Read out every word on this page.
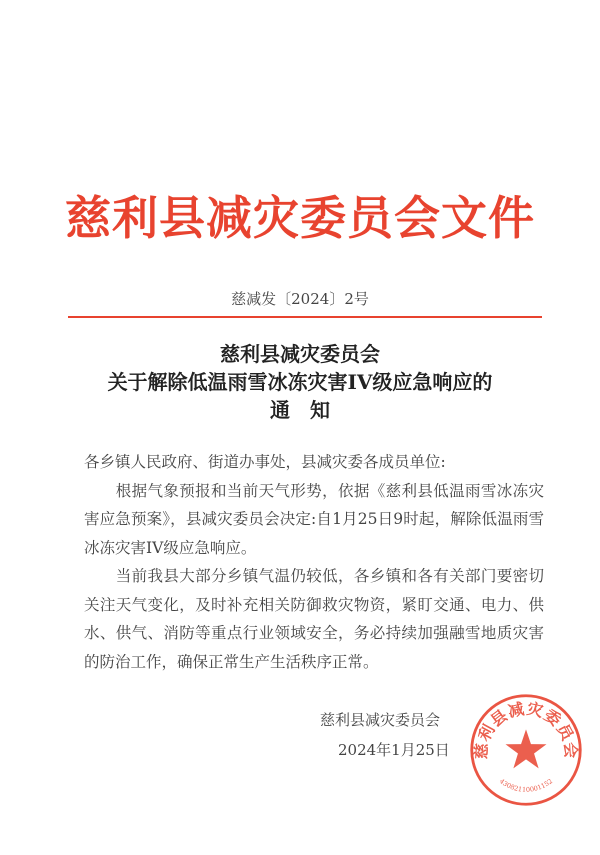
慈利县减灾委员会文件
慈减发〔2024〕2号
慈利县减灾委员会
关于解除低温雨雪冰冻灾害IV级应急响应的
通　知

各乡镇人民政府、街道办事处，县减灾委各成员单位:

　　根据气象预报和当前天气形势，依据《慈利县低温雨雪冰冻灾害应急预案》，县减灾委员会决定:自1月25日9时起，解除低温雨雪冰冻灾害IV级应急响应。

　　当前我县大部分乡镇气温仍较低，各乡镇和各有关部门要密切关注天气变化，及时补充相关防御救灾物资，紧盯交通、电力、供水、供气、消防等重点行业领域安全，务必持续加强融雪地质灾害的防治工作，确保正常生产生活秩序正常。

慈利县减灾委员会
2024年1月25日 慈利县减灾委员会
43082110001152
